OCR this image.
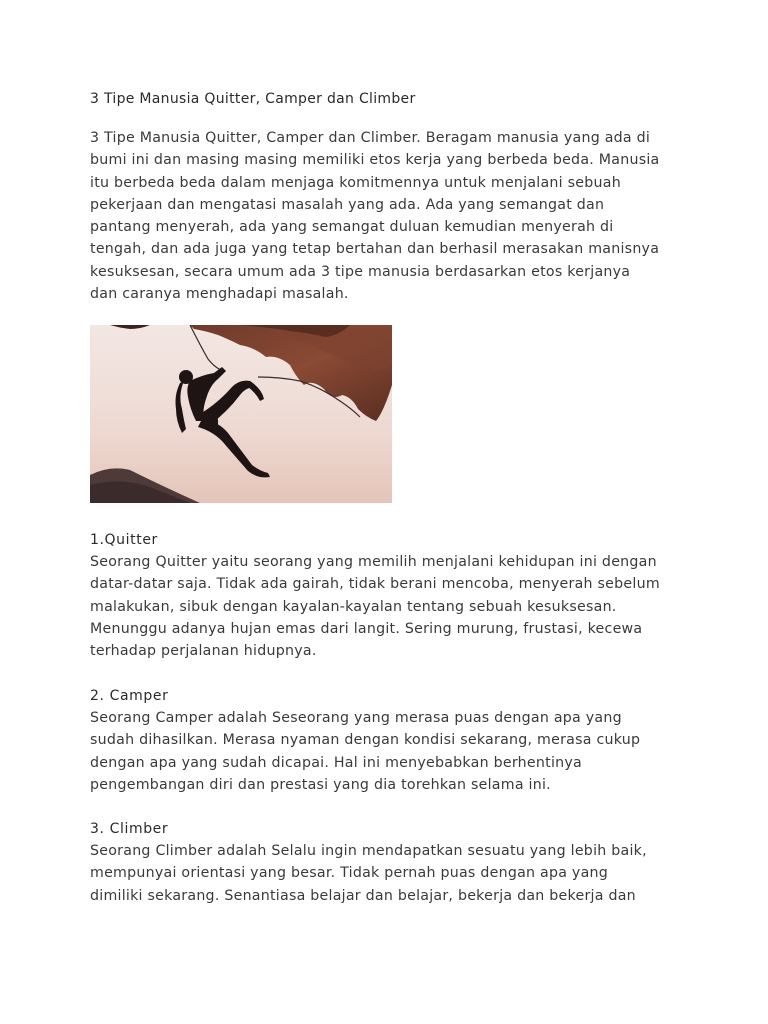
3 Tipe Manusia Quitter, Camper dan Climber

3 Tipe Manusia Quitter, Camper dan Climber. Beragam manusia yang ada di
bumi ini dan masing masing memiliki etos kerja yang berbeda beda. Manusia
itu berbeda beda dalam menjaga komitmennya untuk menjalani sebuah
pekerjaan dan mengatasi masalah yang ada. Ada yang semangat dan
pantang menyerah, ada yang semangat duluan kemudian menyerah di
tengah, dan ada juga yang tetap bertahan dan berhasil merasakan manisnya
kesuksesan, secara umum ada 3 tipe manusia berdasarkan etos kerjanya
dan caranya menghadapi masalah.

1.Quitter

Seorang Quitter yaitu seorang yang memilih menjalani kehidupan ini dengan
datar-datar saja. Tidak ada gairah, tidak berani mencoba, menyerah sebelum
malakukan, sibuk dengan kayalan-kayalan tentang sebuah kesuksesan.
Menunggu adanya hujan emas dari langit. Sering murung, frustasi, kecewa
terhadap perjalanan hidupnya.

2. Camper

Seorang Camper adalah Seseorang yang merasa puas dengan apa yang
sudah dihasilkan. Merasa nyaman dengan kondisi sekarang, merasa cukup
dengan apa yang sudah dicapai. Hal ini menyebabkan berhentinya
pengembangan diri dan prestasi yang dia torehkan selama ini.

3. Climber

Seorang Climber adalah Selalu ingin mendapatkan sesuatu yang lebih baik,
mempunyai orientasi yang besar. Tidak pernah puas dengan apa yang
dimiliki sekarang. Senantiasa belajar dan belajar, bekerja dan bekerja dan
